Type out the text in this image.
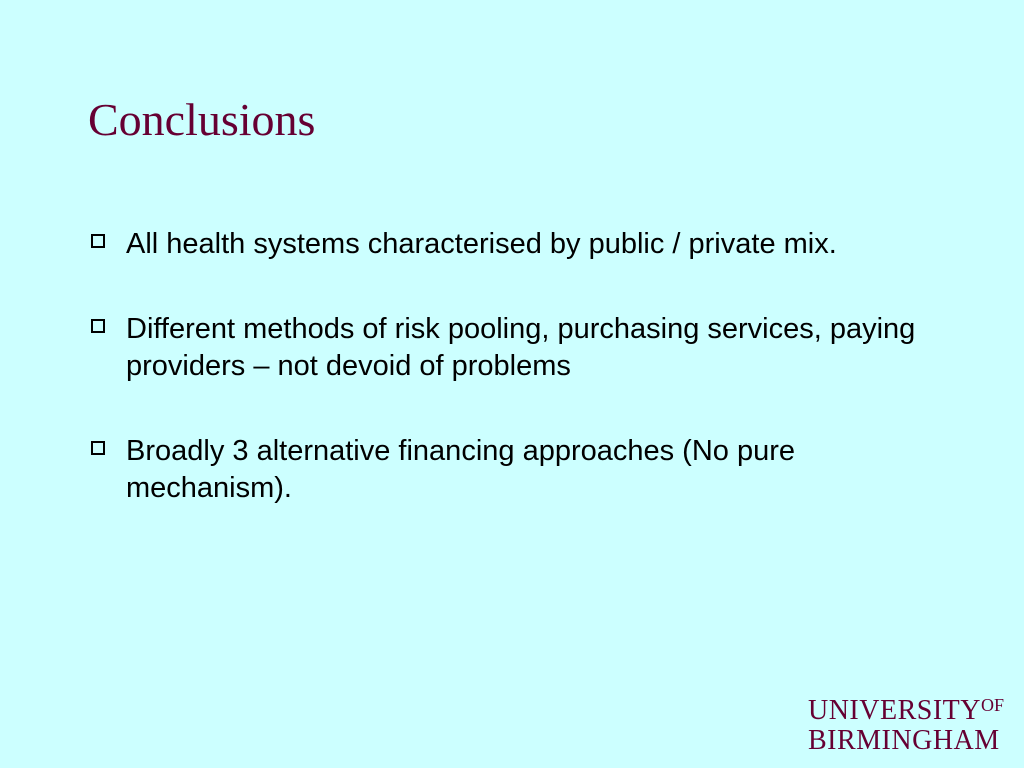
Conclusions
All health systems characterised by public / private mix.
Different methods of risk pooling, purchasing services, paying providers – not devoid of problems
Broadly 3 alternative financing approaches (No pure mechanism).
$UNIVERSITY^{OF}$
BIRMINGHAM
